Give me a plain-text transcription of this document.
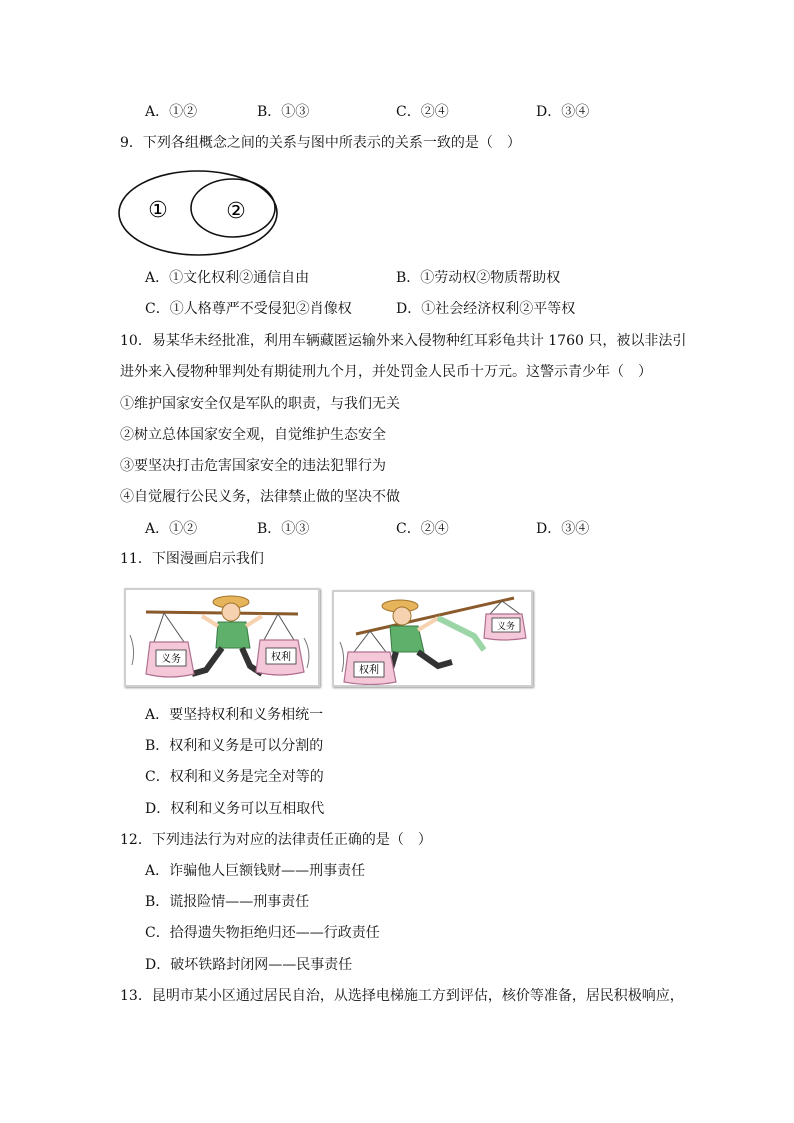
A．①②	B．①③	C．②④	D．③④
9．下列各组概念之间的关系与图中所表示的关系一致的是（　）
①	②
A．①文化权利②通信自由	B．①劳动权②物质帮助权
C．①人格尊严不受侵犯②肖像权	D．①社会经济权利②平等权
10．易某华未经批准，利用车辆藏匿运输外来入侵物种红耳彩龟共计 1760 只，被以非法引
进外来入侵物种罪判处有期徒刑九个月，并处罚金人民币十万元。这警示青少年（　）
①维护国家安全仅是军队的职责，与我们无关
②树立总体国家安全观，自觉维护生态安全
③要坚决打击危害国家安全的违法犯罪行为
④自觉履行公民义务，法律禁止做的坚决不做
A．①②	B．①③	C．②④	D．③④
11．下图漫画启示我们
义务	权利
权利
义务
A．要坚持权利和义务相统一
B．权利和义务是可以分割的
C．权利和义务是完全对等的
D．权利和义务可以互相取代
12．下列违法行为对应的法律责任正确的是（　）
A．诈骗他人巨额钱财——刑事责任
B．谎报险情——刑事责任
C．拾得遗失物拒绝归还——行政责任
D．破坏铁路封闭网——民事责任
13．昆明市某小区通过居民自治，从选择电梯施工方到评估，核价等准备，居民积极响应，
